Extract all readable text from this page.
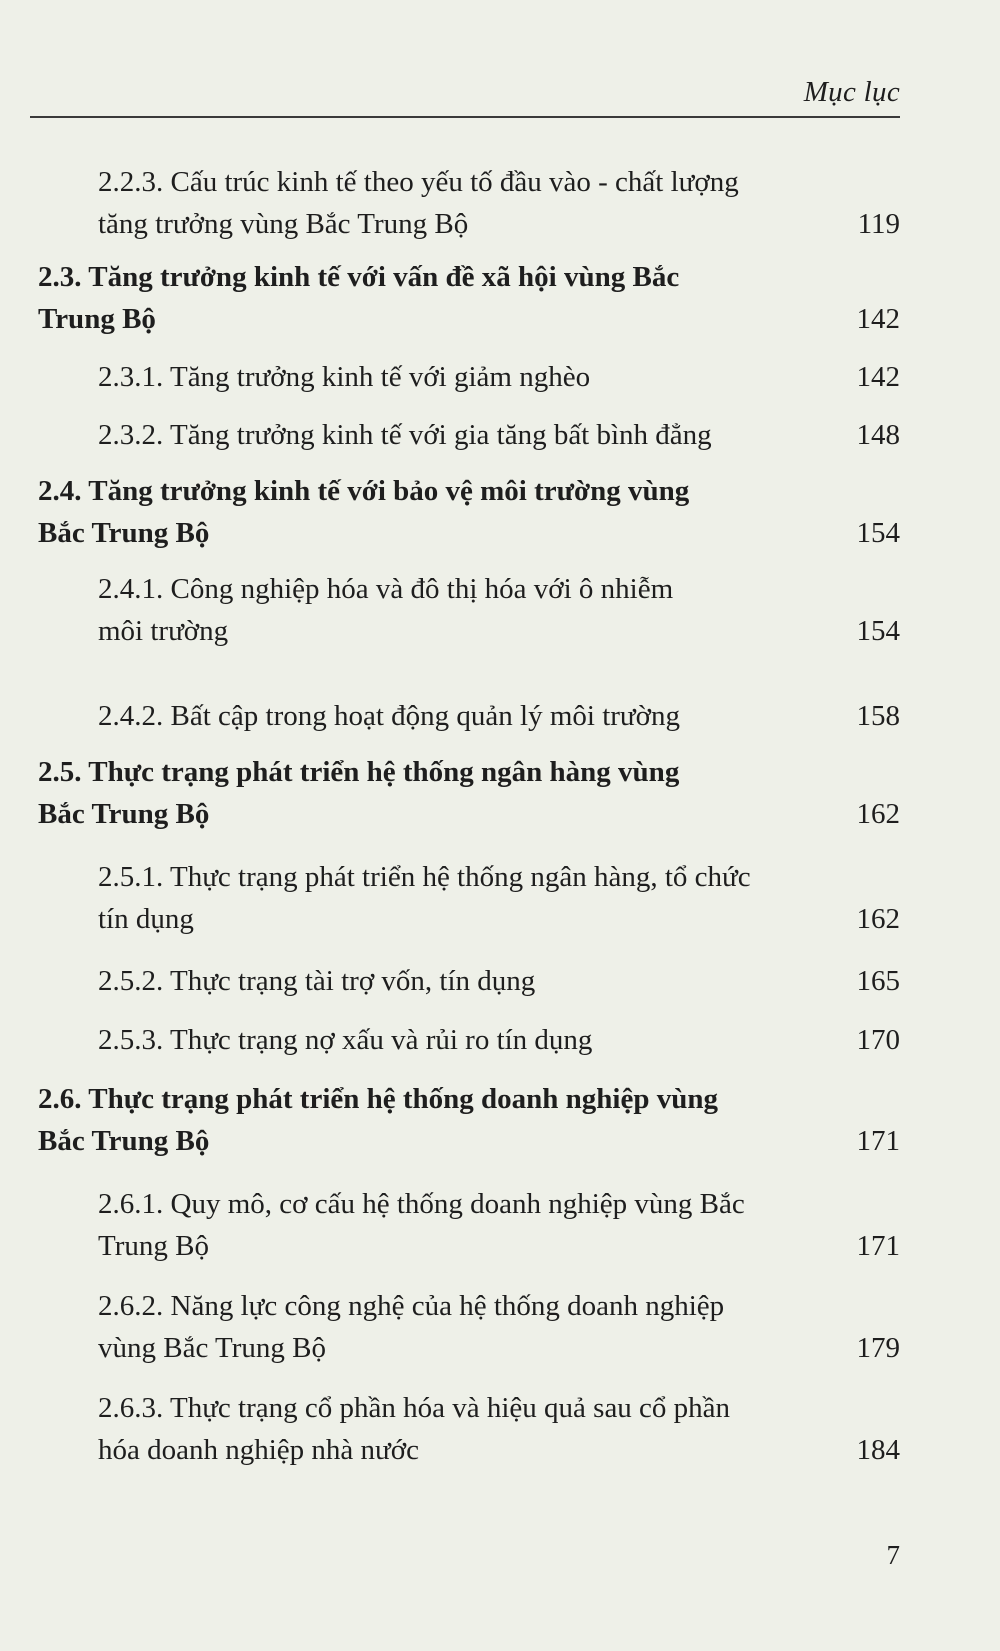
Mục lục
2.2.3. Cấu trúc kinh tế theo yếu tố đầu vào - chất lượng
tăng trưởng vùng Bắc Trung Bộ	119
2.3. Tăng trưởng kinh tế với vấn đề xã hội vùng Bắc
Trung Bộ	142
2.3.1. Tăng trưởng kinh tế với giảm nghèo	142
2.3.2. Tăng trưởng kinh tế với gia tăng bất bình đẳng	148
2.4. Tăng trưởng kinh tế với bảo vệ môi trường vùng
Bắc Trung Bộ	154
2.4.1. Công nghiệp hóa và đô thị hóa với ô nhiễm
môi trường	154
2.4.2. Bất cập trong hoạt động quản lý môi trường	158
2.5. Thực trạng phát triển hệ thống ngân hàng vùng
Bắc Trung Bộ	162
2.5.1. Thực trạng phát triển hệ thống ngân hàng, tổ chức
tín dụng	162
2.5.2. Thực trạng tài trợ vốn, tín dụng	165
2.5.3. Thực trạng nợ xấu và rủi ro tín dụng	170
2.6. Thực trạng phát triển hệ thống doanh nghiệp vùng
Bắc Trung Bộ	171
2.6.1. Quy mô, cơ cấu hệ thống doanh nghiệp vùng Bắc
Trung Bộ	171
2.6.2. Năng lực công nghệ của hệ thống doanh nghiệp
vùng Bắc Trung Bộ	179
2.6.3. Thực trạng cổ phần hóa và hiệu quả sau cổ phần
hóa doanh nghiệp nhà nước	184
7
